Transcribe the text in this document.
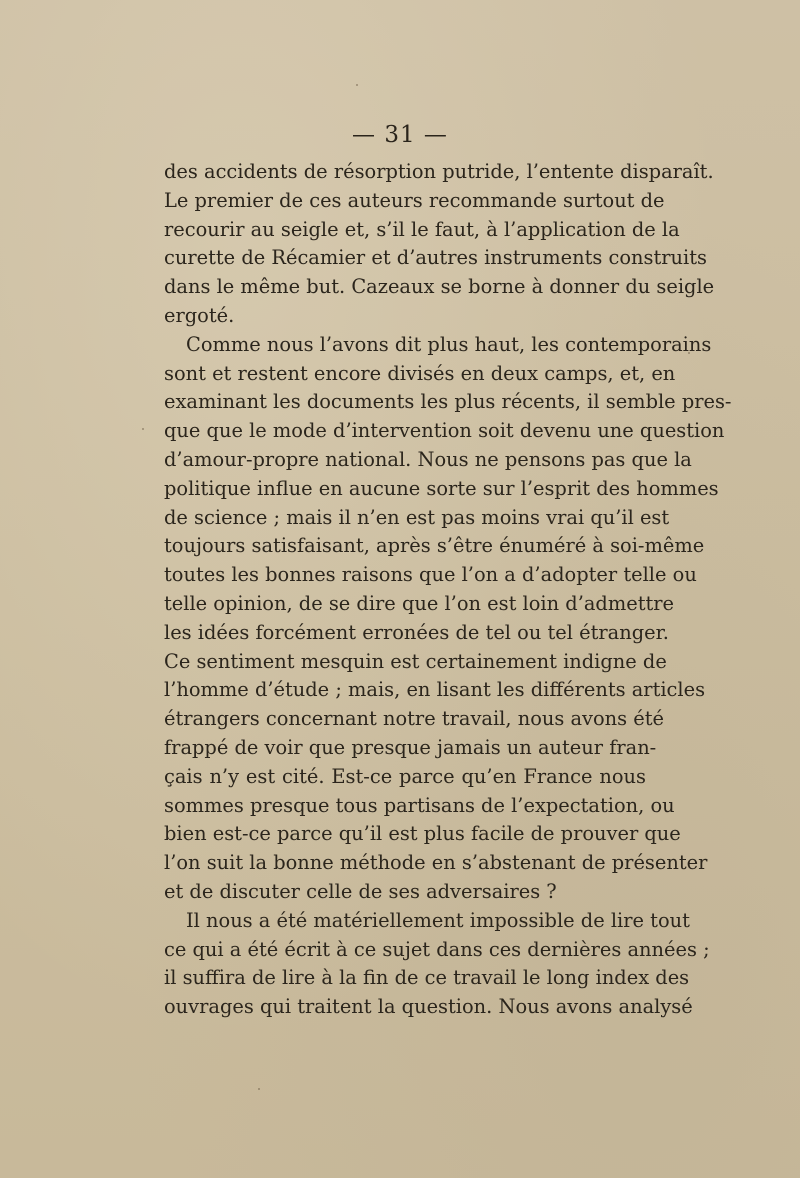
— 31 —
des accidents de résorption putride, l’entente disparaît.
Le premier de ces auteurs recommande surtout de
recourir au seigle et, s’il le faut, à l’application de la
curette de Récamier et d’autres instruments construits
dans le même but. Cazeaux se borne à donner du seigle
ergoté.
Comme nous l’avons dit plus haut, les contemporains
sont et restent encore divisés en deux camps, et, en
examinant les documents les plus récents, il semble pres-
que que le mode d’intervention soit devenu une question
d’amour-propre national. Nous ne pensons pas que la
politique influe en aucune sorte sur l’esprit des hommes
de science ; mais il n’en est pas moins vrai qu’il est
toujours satisfaisant, après s’être énuméré à soi-même
toutes les bonnes raisons que l’on a d’adopter telle ou
telle opinion, de se dire que l’on est loin d’admettre
les idées forcément erronées de tel ou tel étranger.
Ce sentiment mesquin est certainement indigne de
l’homme d’étude ; mais, en lisant les différents articles
étrangers concernant notre travail, nous avons été
frappé de voir que presque jamais un auteur fran-
çais n’y est cité. Est-ce parce qu’en France nous
sommes presque tous partisans de l’expectation, ou
bien est-ce parce qu’il est plus facile de prouver que
l’on suit la bonne méthode en s’abstenant de présenter
et de discuter celle de ses adversaires ?
Il nous a été matériellement impossible de lire tout
ce qui a été écrit à ce sujet dans ces dernières années ;
il suffira de lire à la fin de ce travail le long index des
ouvrages qui traitent la question. Nous avons analysé
